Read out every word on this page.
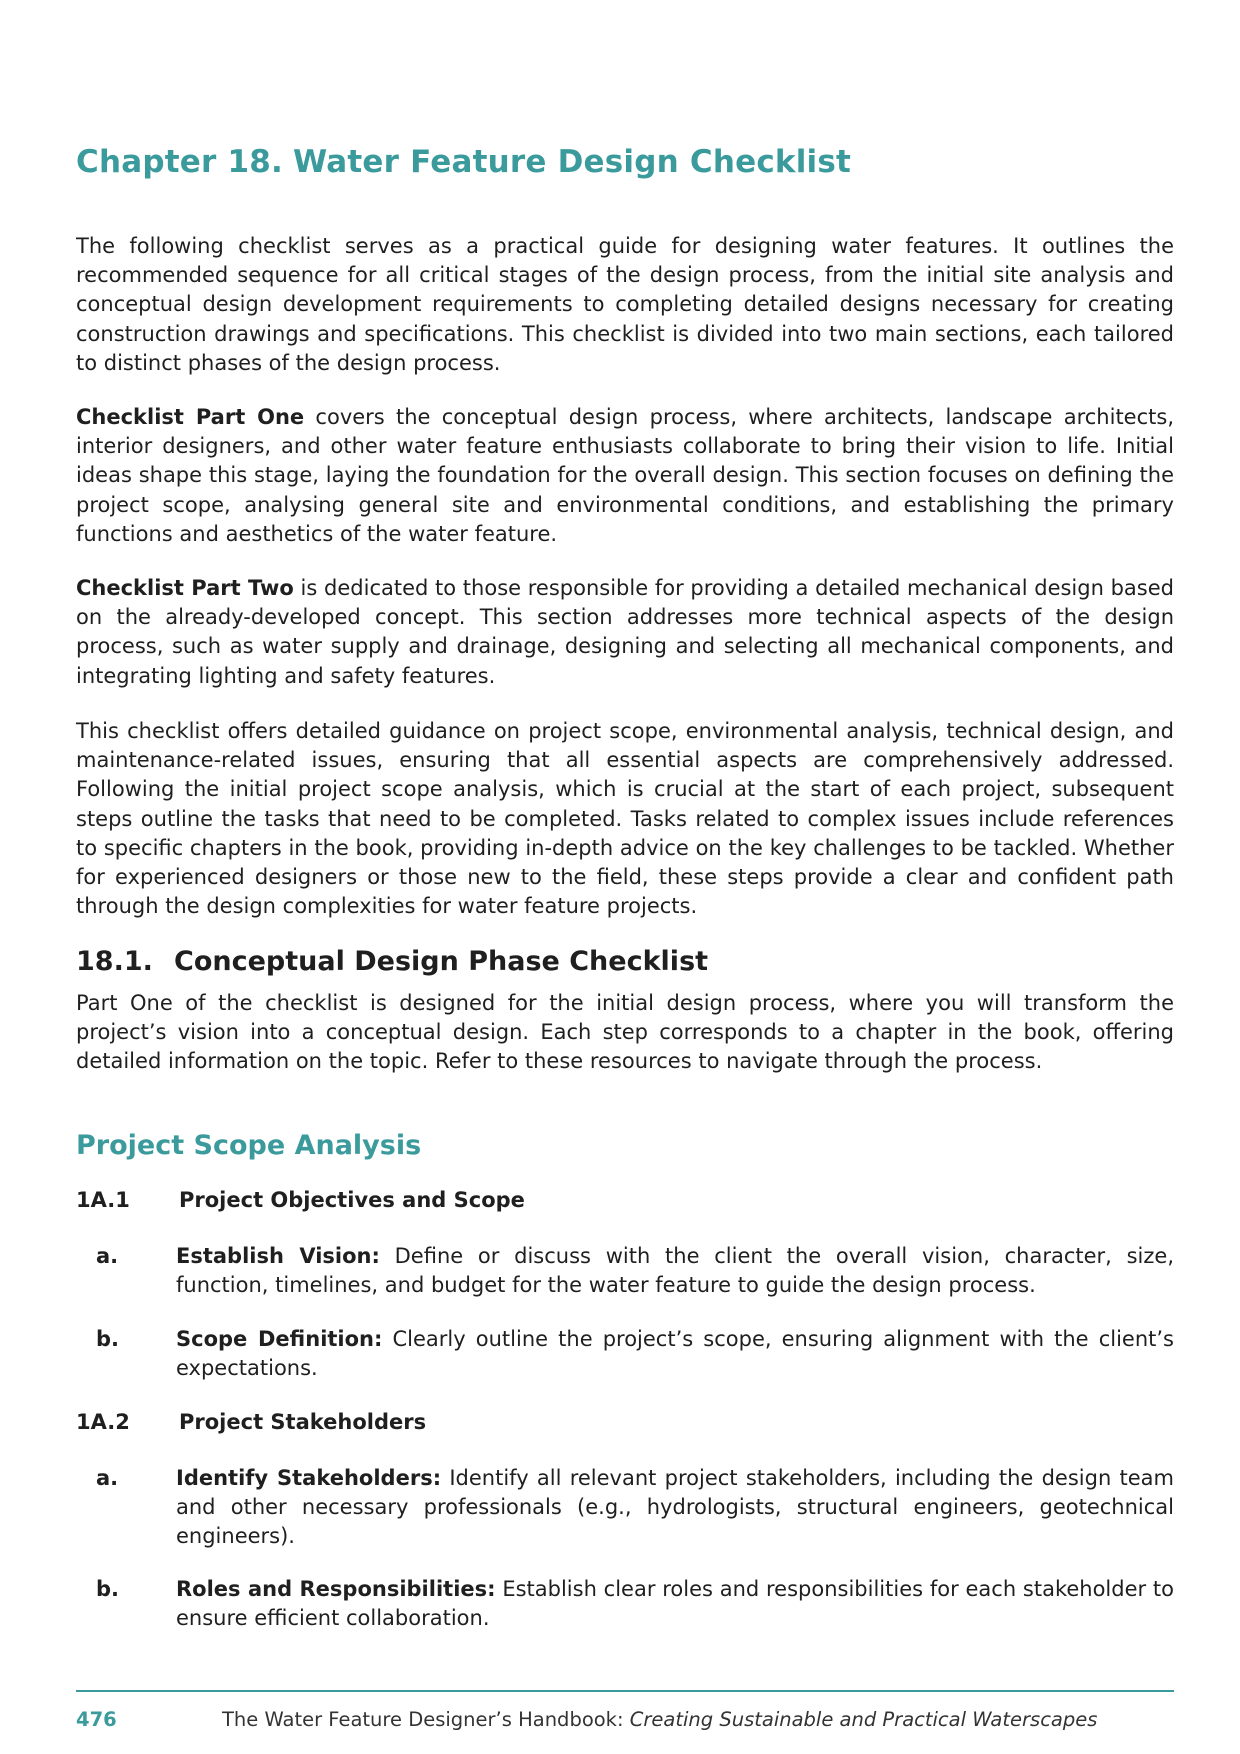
Chapter 18. Water Feature Design Checklist

The following checklist serves as a practical guide for designing water features. It outlines the recommended sequence for all critical stages of the design process, from the initial site analysis and conceptual design development requirements to completing detailed designs necessary for creating construction drawings and specifications. This checklist is divided into two main sections, each tailored to distinct phases of the design process.

Checklist Part One covers the conceptual design process, where architects, landscape architects, interior designers, and other water feature enthusiasts collaborate to bring their vision to life. Initial ideas shape this stage, laying the foundation for the overall design. This section focuses on defining the project scope, analysing general site and environmental conditions, and establishing the primary functions and aesthetics of the water feature.

Checklist Part Two is dedicated to those responsible for providing a detailed mechanical design based on the already-developed concept. This section addresses more technical aspects of the design process, such as water supply and drainage, designing and selecting all mechanical components, and integrating lighting and safety features.

This checklist offers detailed guidance on project scope, environmental analysis, technical design, and maintenance-related issues, ensuring that all essential aspects are comprehensively addressed. Following the initial project scope analysis, which is crucial at the start of each project, subsequent steps outline the tasks that need to be completed. Tasks related to complex issues include references to specific chapters in the book, providing in-depth advice on the key challenges to be tackled. Whether for experienced designers or those new to the field, these steps provide a clear and confident path through the design complexities for water feature projects.

18.1. Conceptual Design Phase Checklist

Part One of the checklist is designed for the initial design process, where you will transform the project’s vision into a conceptual design. Each step corresponds to a chapter in the book, offering detailed information on the topic. Refer to these resources to navigate through the process.

Project Scope Analysis
1A.1 Project Objectives and Scope
a.	Establish Vision: Define or discuss with the client the overall vision, character, size, function, timelines, and budget for the water feature to guide the design process.

b.	Scope Definition: Clearly outline the project’s scope, ensuring alignment with the client’s expectations.

1A.2 Project Stakeholders
a.	Identify Stakeholders: Identify all relevant project stakeholders, including the design team and other necessary professionals (e.g., hydrologists, structural engineers, geotechnical engineers).

b.	Roles and Responsibilities: Establish clear roles and responsibilities for each stakeholder to ensure efficient collaboration.

476	The Water Feature Designer’s Handbook: Creating Sustainable and Practical Waterscapes
